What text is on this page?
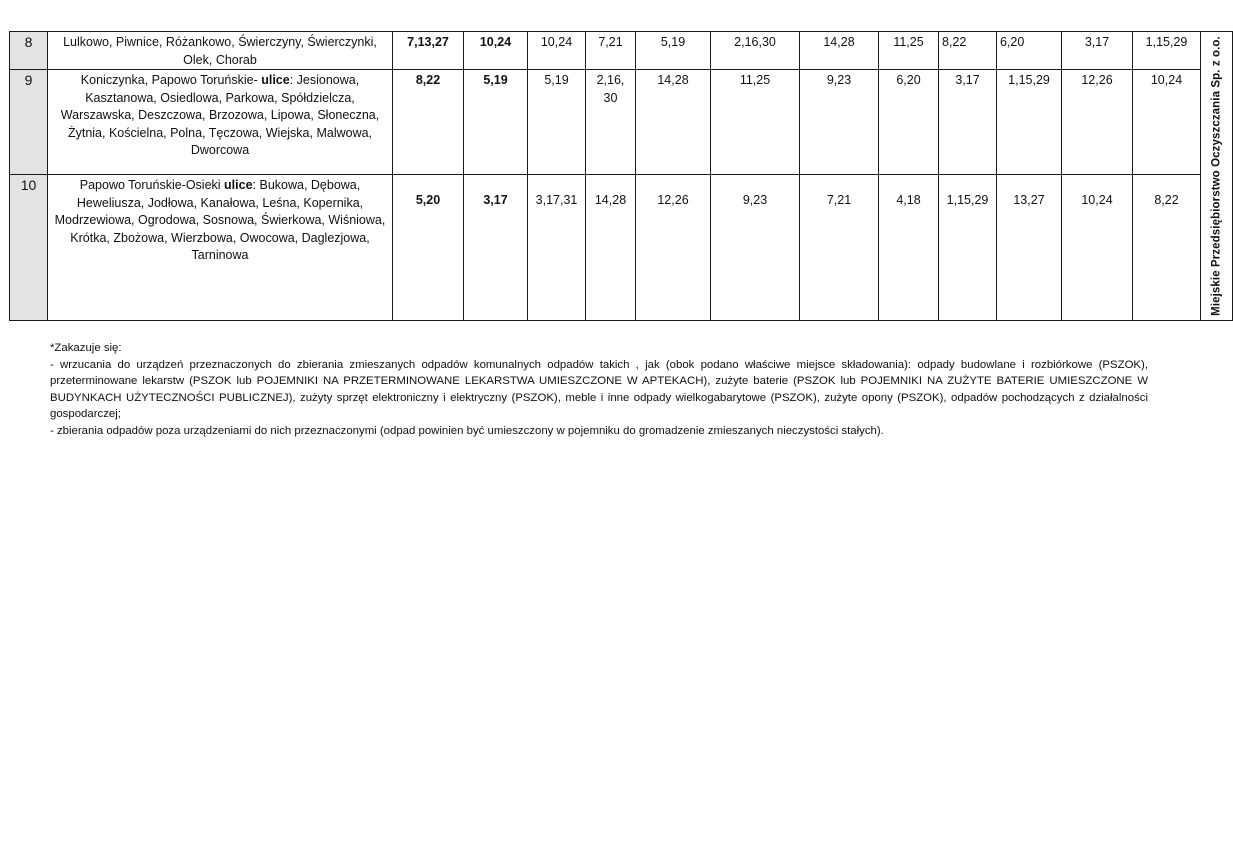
8	Lulkowo, Piwnice, Różankowo, Świerczyny, Świerczynki, Olek, Chorab	7,13,27	10,24	10,24	7,21	5,19	2,16,30	14,28	11,25	8,22	6,20	3,17	1,15,29	Miejskie Przedsiębiorstwo Oczyszczania Sp. z o.o.

9	Koniczynka, Papowo Toruńskie- ulice: Jesionowa, Kasztanowa, Osiedlowa, Parkowa, Spółdzielcza, Warszawska, Deszczowa, Brzozowa, Lipowa, Słoneczna, Żytnia, Kościelna, Polna, Tęczowa, Wiejska, Malwowa, Dworcowa	8,22	5,19	5,19	2,16, 30	14,28	11,25	9,23	6,20	3,17	1,15,29	12,26	10,24	
10	Papowo Toruńskie-Osieki ulice: Bukowa, Dębowa, Heweliusza, Jodłowa, Kanałowa, Leśna, Kopernika, Modrzewiowa, Ogrodowa, Sosnowa, Świerkowa, Wiśniowa, Krótka, Zbożowa, Wierzbowa, Owocowa, Daglezjowa, Tarninowa	5,20	3,17	3,17,31	14,28	12,26	9,23	7,21	4,18	1,15,29	13,27	10,24	8,22	

*Zakazuje się:

- wrzucania do urządzeń przeznaczonych do zbierania zmieszanych odpadów komunalnych odpadów takich , jak (obok podano właściwe miejsce składowania): odpady budowlane i rozbiórkowe (PSZOK), przeterminowane lekarstw (PSZOK lub POJEMNIKI NA PRZETERMINOWANE LEKARSTWA UMIESZCZONE W APTEKACH), zużyte baterie (PSZOK lub POJEMNIKI NA ZUŻYTE BATERIE UMIESZCZONE W BUDYNKACH UŻYTECZNOŚCI PUBLICZNEJ), zużyty sprzęt elektroniczny i elektryczny (PSZOK), meble i inne odpady wielkogabarytowe (PSZOK), zużyte opony (PSZOK), odpadów pochodzących z działalności gospodarczej;

- zbierania odpadów poza urządzeniami do nich przeznaczonymi (odpad powinien być umieszczony w pojemniku do gromadzenie zmieszanych nieczystości stałych).
